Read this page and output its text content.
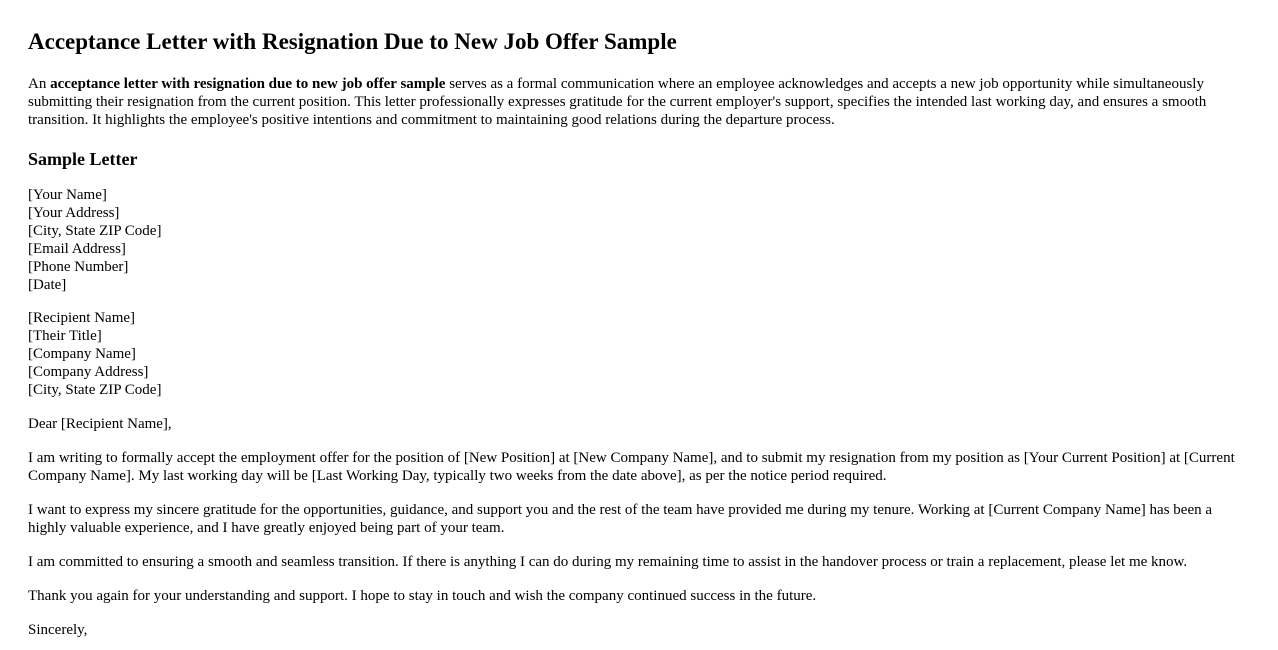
Acceptance Letter with Resignation Due to New Job Offer Sample

An acceptance letter with resignation due to new job offer sample serves as a formal communication where an employee acknowledges and accepts a new job opportunity while simultaneously submitting their resignation from the current position. This letter professionally expresses gratitude for the current employer's support, specifies the intended last working day, and ensures a smooth transition. It highlights the employee's positive intentions and commitment to maintaining good relations during the departure process.

Sample Letter
[Your Name]
[Your Address]
[City, State ZIP Code]
[Email Address]
[Phone Number]
[Date]
[Recipient Name]
[Their Title]
[Company Name]
[Company Address]
[City, State ZIP Code]

Dear [Recipient Name],

I am writing to formally accept the employment offer for the position of [New Position] at [New Company Name], and to submit my resignation from my position as [Your Current Position] at [Current Company Name]. My last working day will be [Last Working Day, typically two weeks from the date above], as per the notice period required.

I want to express my sincere gratitude for the opportunities, guidance, and support you and the rest of the team have provided me during my tenure. Working at [Current Company Name] has been a highly valuable experience, and I have greatly enjoyed being part of your team.

I am committed to ensuring a smooth and seamless transition. If there is anything I can do during my remaining time to assist in the handover process or train a replacement, please let me know.

Thank you again for your understanding and support. I hope to stay in touch and wish the company continued success in the future.

Sincerely,
